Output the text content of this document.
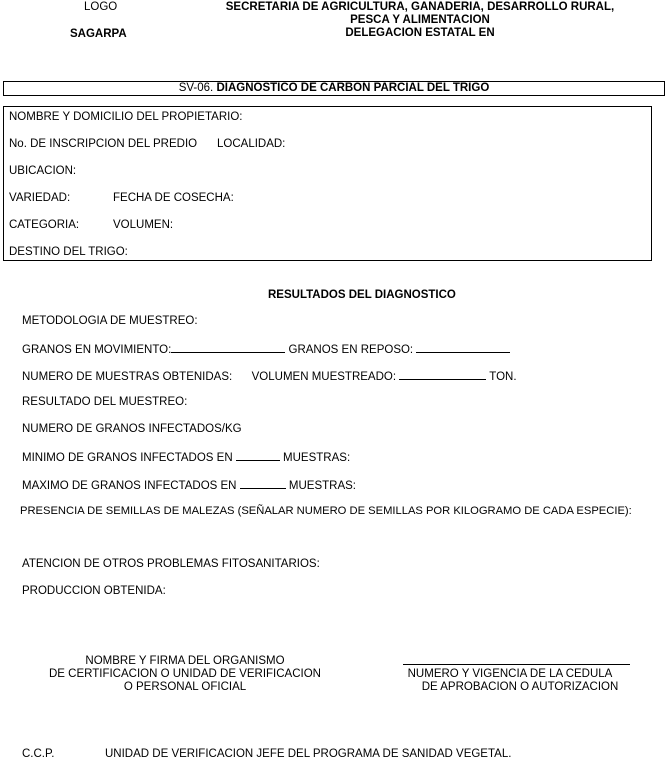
LOGO
SAGARPA
SECRETARIA DE AGRICULTURA, GANADERIA, DESARROLLO RURAL,
PESCA Y ALIMENTACION
DELEGACION ESTATAL EN
SV-06. DIAGNOSTICO DE CARBON PARCIAL DEL TRIGO
NOMBRE Y DOMICILIO DEL PROPIETARIO:
No. DE INSCRIPCION DEL PREDIO LOCALIDAD:
UBICACION:
VARIEDAD:	FECHA DE COSECHA:
CATEGORIA:	VOLUMEN:
DESTINO DEL TRIGO:
RESULTADOS DEL DIAGNOSTICO
METODOLOGIA DE MUESTREO:
GRANOS EN MOVIMIENTO:	GRANOS EN REPOSO:
NUMERO DE MUESTRAS OBTENIDAS: VOLUMEN MUESTREADO:	TON.
RESULTADO DEL MUESTREO:
NUMERO DE GRANOS INFECTADOS/KG
MINIMO DE GRANOS INFECTADOS EN	MUESTRAS:
MAXIMO DE GRANOS INFECTADOS EN	MUESTRAS:
PRESENCIA DE SEMILLAS DE MALEZAS (SEÑALAR NUMERO DE SEMILLAS POR KILOGRAMO DE CADA ESPECIE):
ATENCION DE OTROS PROBLEMAS FITOSANITARIOS:
PRODUCCION OBTENIDA:
NOMBRE Y FIRMA DEL ORGANISMO
DE CERTIFICACION O UNIDAD DE VERIFICACION
O PERSONAL OFICIAL
NUMERO Y VIGENCIA DE LA CEDULA
DE APROBACION O AUTORIZACION
C.C.P.	UNIDAD DE VERIFICACION JEFE DEL PROGRAMA DE SANIDAD VEGETAL.
